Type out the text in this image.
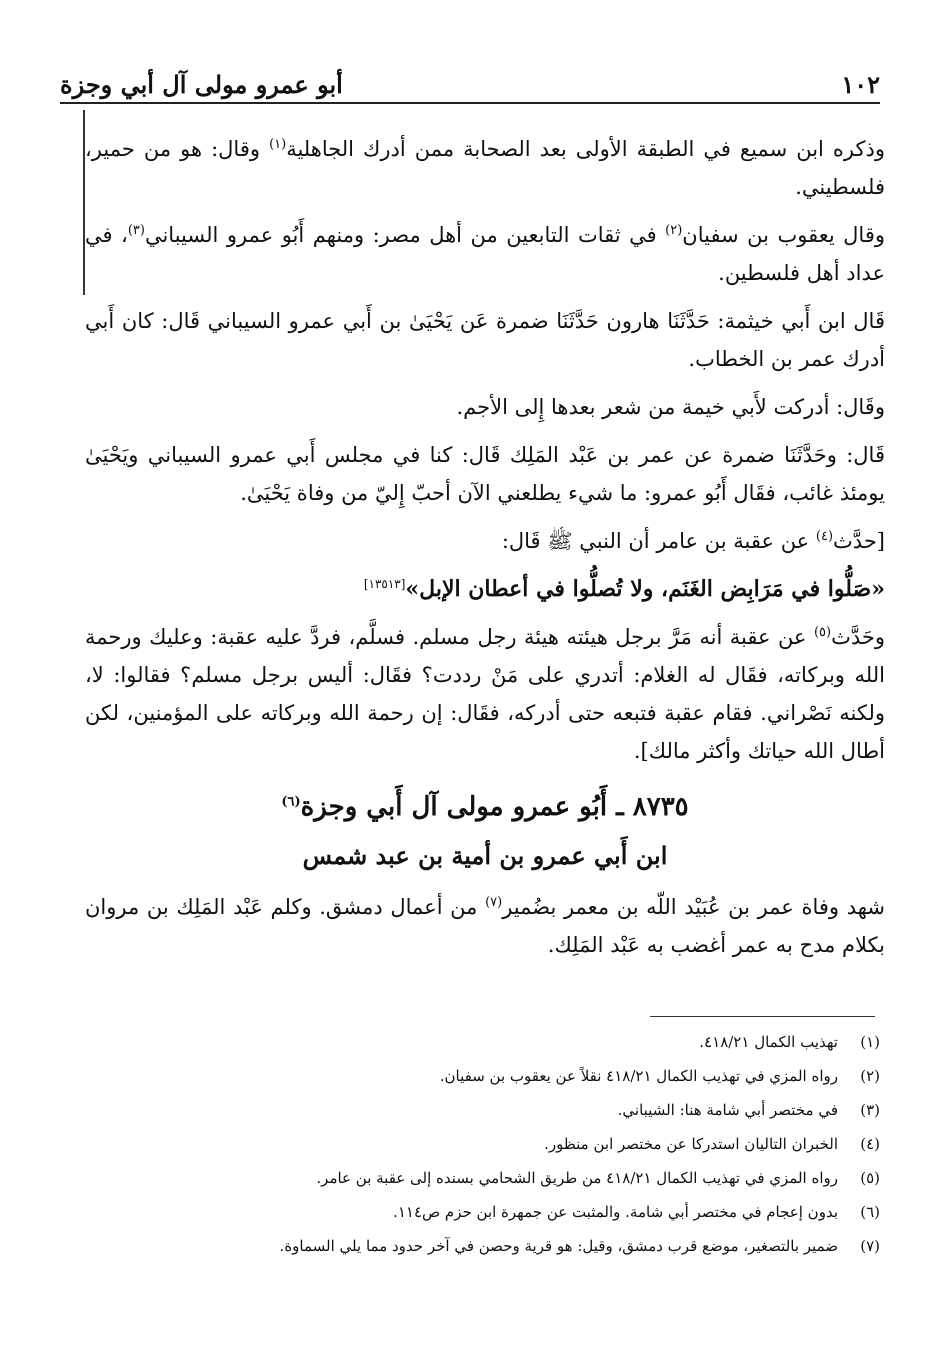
١٠٢
أبو عمرو مولى آل أبي وجزة

وذكره ابن سميع في الطبقة الأولى بعد الصحابة ممن أدرك الجاهلية$^{(١)}$ وقال: هو من حمير، فلسطيني.

وقال يعقوب بن سفيان$^{(٢)}$ في ثقات التابعين من أهل مصر: ومنهم أَبُو عمرو السيباني$^{(٣)}$، في عداد أهل فلسطين.

قَال ابن أَبي خيثمة: حَدَّثَنَا هارون حَدَّثَنَا ضمرة عَن يَحْيَىٰ بن أَبي عمرو السيباني قَال: كان أَبي أدرك عمر بن الخطاب.

وقَال: أدركت لأَبي خيمة من شعر بعدها إِلى الأجم.

قَال: وحَدَّثَنَا ضمرة عن عمر بن عَبْد المَلِك قَال: كنا في مجلس أَبي عمرو السيباني ويَحْيَىٰ يومئذ غائب، فقَال أَبُو عمرو: ما شيء يطلعني الآن أحبّ إِليّ من وفاة يَحْيَىٰ.

[حدَّث$^{(٤)}$ عن عقبة بن عامر أن النبي ﷺ قَال:

«صَلُّوا في مَرَابِض الغَنَم، ولا تُصلُّوا في أعطان الإبل»[١٣٥١٣]

وحَدَّث$^{(٥)}$ عن عقبة أنه مَرَّ برجل هيئته هيئة رجل مسلم. فسلَّم، فردَّ عليه عقبة: وعليك ورحمة الله وبركاته، فقَال له الغلام: أتدري على مَنْ رددت؟ فقَال: أليس برجل مسلم؟ فقالوا: لا، ولكنه نَصْراني. فقام عقبة فتبعه حتى أدركه، فقَال: إن رحمة الله وبركاته على المؤمنين، لكن أطال الله حياتك وأكثر مالك].

٨٧٣٥ ـ أَبُو عمرو مولى آل أَبي وجزة$^{(٦)}$
ابن أَبي عمرو بن أمية بن عبد شمس

شهد وفاة عمر بن عُبَيْد اللّه بن معمر بضُمير$^{(٧)}$ من أعمال دمشق. وكلم عَبْد المَلِك بن مروان بكلام مدح به عمر أغضب به عَبْد المَلِك.

(١)
تهذيب الكمال ٤١٨/٢١.
(٢)
رواه المزي في تهذيب الكمال ٤١٨/٢١ نقلاً عن يعقوب بن سفيان.
(٣)
في مختصر أبي شامة هنا: الشيباني.
(٤)
الخبران التاليان استدركا عن مختصر ابن منظور.
(٥)
رواه المزي في تهذيب الكمال ٤١٨/٢١ من طريق الشحامي بسنده إلى عقبة بن عامر.
(٦)
بدون إعجام في مختصر أبي شامة. والمثبت عن جمهرة ابن حزم ص١١٤.
(٧)
ضمير بالتصغير، موضع قرب دمشق، وقيل: هو قرية وحصن في آخر حدود مما يلي السماوة.
